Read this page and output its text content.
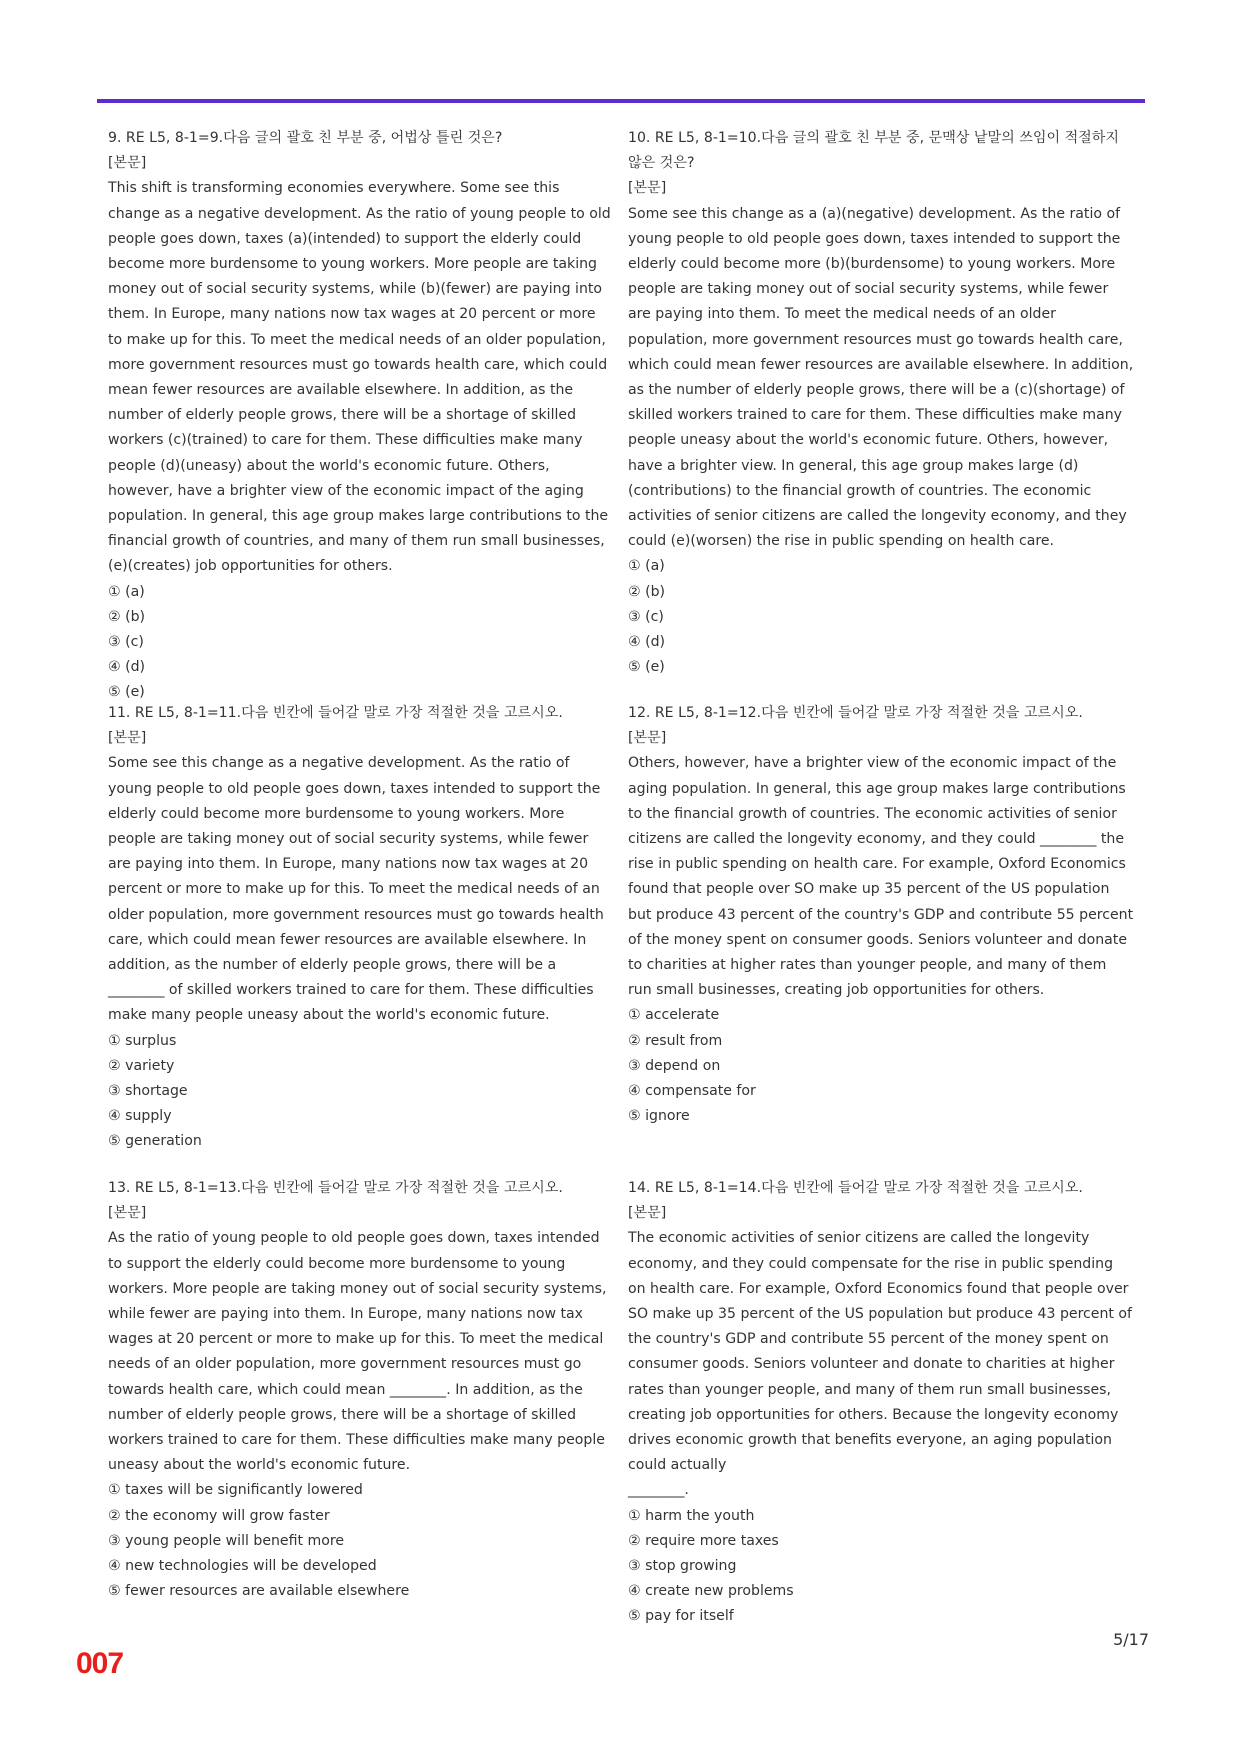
9. RE L5, 8-1=9.다음 글의 괄호 친 부분 중, 어법상 틀린 것은?

[본문]

This shift is transforming economies everywhere. Some see this change as a negative development. As the ratio of young people to old people goes down, taxes (a)(intended) to support the elderly could become more burdensome to young workers. More people are taking money out of social security systems, while (b)(fewer) are paying into them. In Europe, many nations now tax wages at 20 percent or more to make up for this. To meet the medical needs of an older population, more government resources must go towards health care, which could mean fewer resources are available elsewhere. In addition, as the number of elderly people grows, there will be a shortage of skilled workers (c)(trained) to care for them. These difficulties make many people (d)(uneasy) about the world's economic future. Others, however, have a brighter view of the economic impact of the aging population. In general, this age group makes large contributions to the financial growth of countries, and many of them run small businesses, (e)(creates) job opportunities for others.

① (a)

② (b)

③ (c)

④ (d)

⑤ (e)

10. RE L5, 8-1=10.다음 글의 괄호 친 부분 중, 문맥상 낱말의 쓰임이 적절하지 않은 것은?

[본문]

Some see this change as a (a)(negative) development. As the ratio of young people to old people goes down, taxes intended to support the elderly could become more (b)(burdensome) to young workers. More people are taking money out of social security systems, while fewer are paying into them. To meet the medical needs of an older population, more government resources must go towards health care, which could mean fewer resources are available elsewhere. In addition, as the number of elderly people grows, there will be a (c)(shortage) of skilled workers trained to care for them. These difficulties make many people uneasy about the world's economic future. Others, however, have a brighter view. In general, this age group makes large (d)(contributions) to the financial growth of countries. The economic activities of senior citizens are called the longevity economy, and they could (e)(worsen) the rise in public spending on health care.

① (a)

② (b)

③ (c)

④ (d)

⑤ (e)

11. RE L5, 8-1=11.다음 빈칸에 들어갈 말로 가장 적절한 것을 고르시오.

[본문]

Some see this change as a negative development. As the ratio of young people to old people goes down, taxes intended to support the elderly could become more burdensome to young workers. More people are taking money out of social security systems, while fewer are paying into them. In Europe, many nations now tax wages at 20 percent or more to make up for this. To meet the medical needs of an older population, more government resources must go towards health care, which could mean fewer resources are available elsewhere. In addition, as the number of elderly people grows, there will be a ________ of skilled workers trained to care for them. These difficulties make many people uneasy about the world's economic future.

① surplus

② variety

③ shortage

④ supply

⑤ generation

12. RE L5, 8-1=12.다음 빈칸에 들어갈 말로 가장 적절한 것을 고르시오.

[본문]

Others, however, have a brighter view of the economic impact of the aging population. In general, this age group makes large contributions to the financial growth of countries. The economic activities of senior citizens are called the longevity economy, and they could ________ the rise in public spending on health care. For example, Oxford Economics found that people over SO make up 35 percent of the US population but produce 43 percent of the country's GDP and contribute 55 percent of the money spent on consumer goods. Seniors volunteer and donate to charities at higher rates than younger people, and many of them run small businesses, creating job opportunities for others.

① accelerate

② result from

③ depend on

④ compensate for

⑤ ignore

13. RE L5, 8-1=13.다음 빈칸에 들어갈 말로 가장 적절한 것을 고르시오.

[본문]

As the ratio of young people to old people goes down, taxes intended to support the elderly could become more burdensome to young workers. More people are taking money out of social security systems, while fewer are paying into them. In Europe, many nations now tax wages at 20 percent or more to make up for this. To meet the medical needs of an older population, more government resources must go towards health care, which could mean ________. In addition, as the number of elderly people grows, there will be a shortage of skilled workers trained to care for them. These difficulties make many people uneasy about the world's economic future.

① taxes will be significantly lowered

② the economy will grow faster

③ young people will benefit more

④ new technologies will be developed

⑤ fewer resources are available elsewhere

14. RE L5, 8-1=14.다음 빈칸에 들어갈 말로 가장 적절한 것을 고르시오.

[본문]

The economic activities of senior citizens are called the longevity economy, and they could compensate for the rise in public spending on health care. For example, Oxford Economics found that people over SO make up 35 percent of the US population but produce 43 percent of the country's GDP and contribute 55 percent of the money spent on consumer goods. Seniors volunteer and donate to charities at higher rates than younger people, and many of them run small businesses, creating job opportunities for others. Because the longevity economy drives economic growth that benefits everyone, an aging population could actually

________.

① harm the youth

② require more taxes

③ stop growing

④ create new problems

⑤ pay for itself

5/17
007
